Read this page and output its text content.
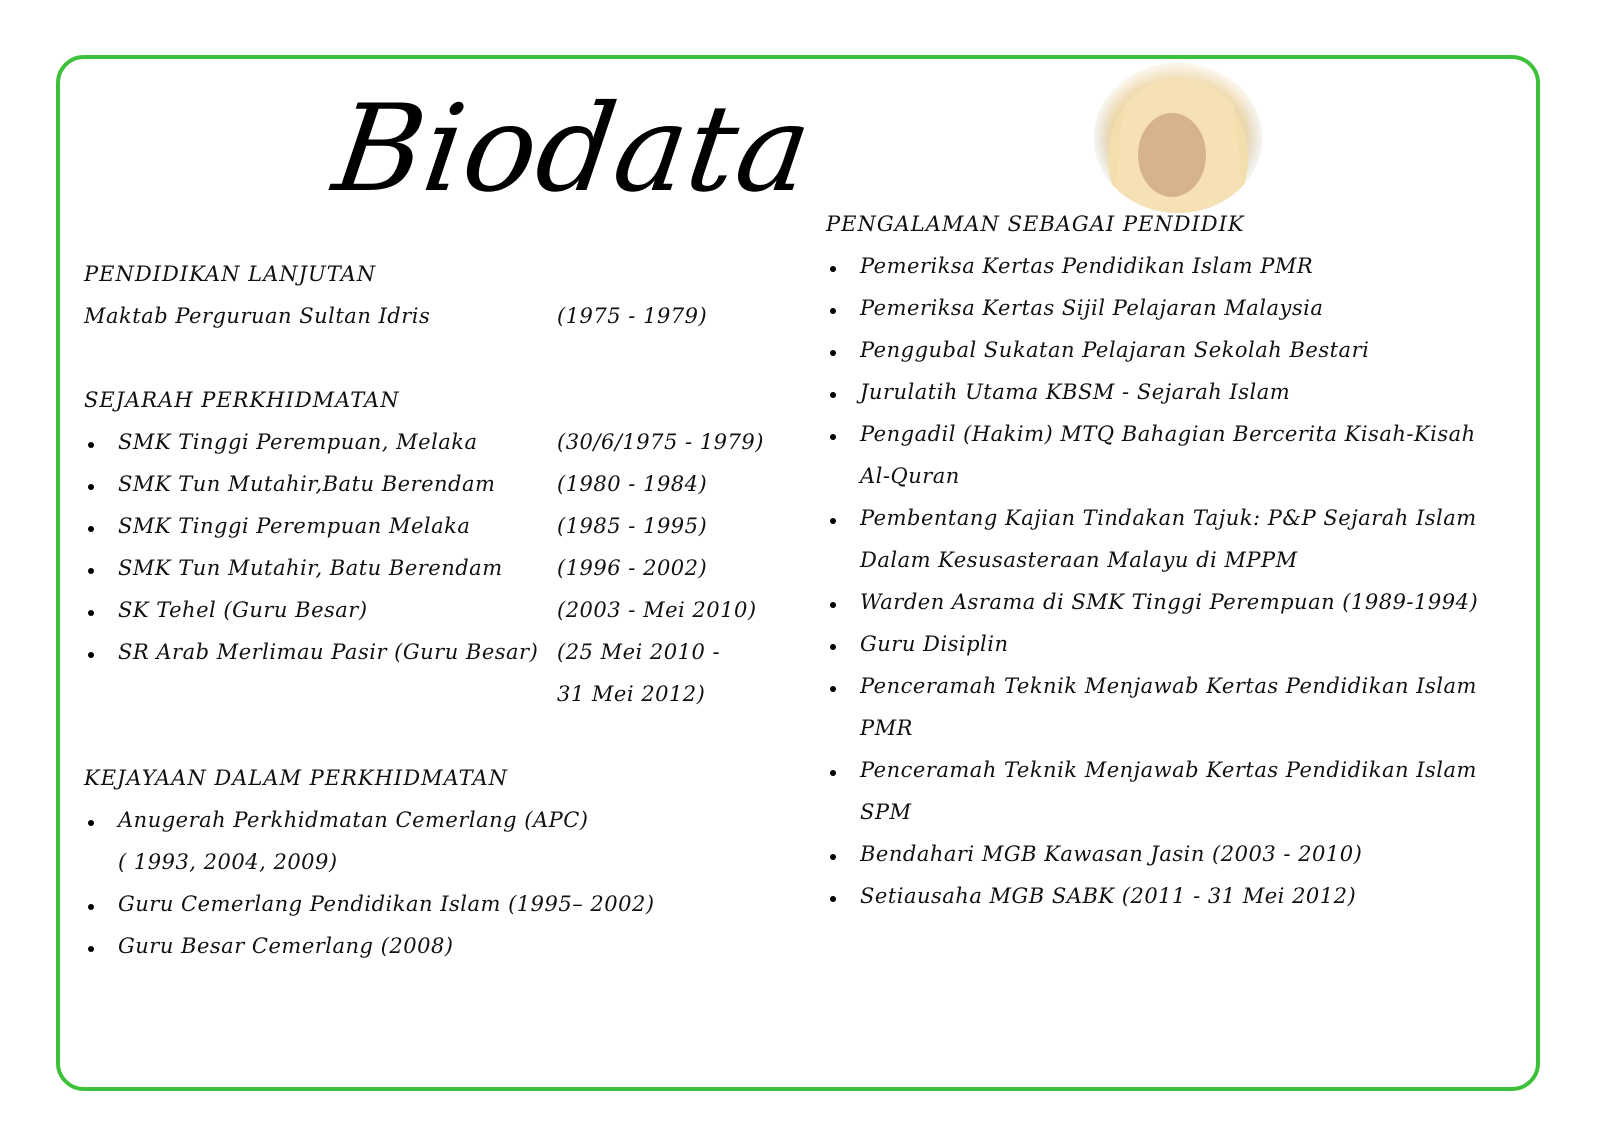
Biodata
PENDIDIKAN LANJUTAN
Maktab Perguruan Sultan Idris	(1975 - 1979)
SEJARAH PERKHIDMATAN
SMK Tinggi Perempuan, Melaka	(30/6/1975 - 1979)
SMK Tun Mutahir,Batu Berendam	(1980 - 1984)
SMK Tinggi Perempuan Melaka	(1985 - 1995)
SMK Tun Mutahir, Batu Berendam	(1996 - 2002)
SK Tehel (Guru Besar)	(2003 - Mei 2010)
SR Arab Merlimau Pasir (Guru Besar) (25 Mei 2010 -
31 Mei 2012)
KEJAYAAN DALAM PERKHIDMATAN
Anugerah Perkhidmatan Cemerlang (APC)
( 1993, 2004, 2009)
Guru Cemerlang Pendidikan Islam (1995– 2002)
Guru Besar Cemerlang (2008)
PENGALAMAN SEBAGAI PENDIDIK
Pemeriksa Kertas Pendidikan Islam PMR
Pemeriksa Kertas Sijil Pelajaran Malaysia
Penggubal Sukatan Pelajaran Sekolah Bestari
Jurulatih Utama KBSM - Sejarah Islam
Pengadil (Hakim) MTQ Bahagian Bercerita Kisah-Kisah
Al-Quran
Pembentang Kajian Tindakan Tajuk: P&P Sejarah Islam
Dalam Kesusasteraan Malayu di MPPM
Warden Asrama di SMK Tinggi Perempuan (1989-1994)
Guru Disiplin
Penceramah Teknik Menjawab Kertas Pendidikan Islam
PMR
Penceramah Teknik Menjawab Kertas Pendidikan Islam
SPM
Bendahari MGB Kawasan Jasin (2003 - 2010)
Setiausaha MGB SABK (2011 - 31 Mei 2012)
